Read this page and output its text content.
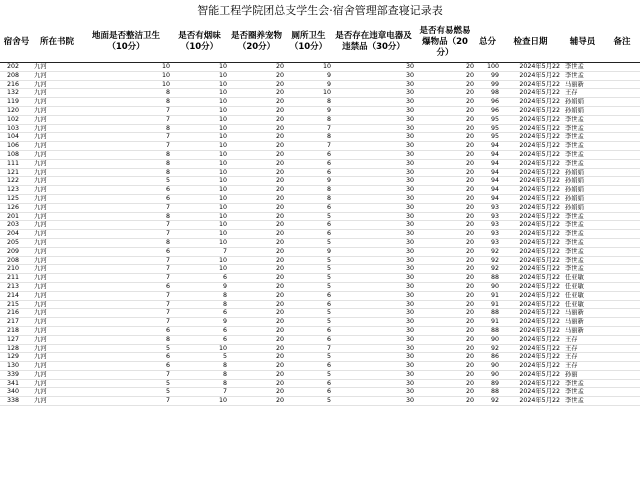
智能工程学院团总支学生会·宿舍管理部查寝记录表
宿舍号	所在书院	地面是否整洁卫生（10分）	是否有烟味（10分）	是否圈养宠物（20分）	厕所卫生（10分）	是否存在违章电器及违禁品（30分）	是否有易燃易爆物品（20分）	总分	检查日期	辅导员	备注
202	九河	10	10	20	10	30	20	100	2024年5月22	李世孟	
208	九河	10	10	20	9	30	20	99	2024年5月22	李世孟	
216	九河	10	10	20	9	30	20	99	2024年5月22	马丽新	
132	九河	8	10	20	10	30	20	98	2024年5月22	王存	
119	九河	8	10	20	8	30	20	96	2024年5月22	孙娟娟	
120	九河	7	10	20	9	30	20	96	2024年5月22	孙娟娟	
102	九河	7	10	20	8	30	20	95	2024年5月22	李世孟	
103	九河	8	10	20	7	30	20	95	2024年5月22	李世孟	
104	九河	7	10	20	8	30	20	95	2024年5月22	李世孟	
106	九河	7	10	20	7	30	20	94	2024年5月22	李世孟	
108	九河	8	10	20	6	30	20	94	2024年5月22	李世孟	
111	九河	8	10	20	6	30	20	94	2024年5月22	李世孟	
121	九河	8	10	20	6	30	20	94	2024年5月22	孙娟娟	
122	九河	5	10	20	9	30	20	94	2024年5月22	孙娟娟	
123	九河	6	10	20	8	30	20	94	2024年5月22	孙娟娟	
125	九河	6	10	20	8	30	20	94	2024年5月22	孙娟娟	
126	九河	7	10	20	6	30	20	93	2024年5月22	孙娟娟	
201	九河	8	10	20	5	30	20	93	2024年5月22	李世孟	
203	九河	7	10	20	6	30	20	93	2024年5月22	李世孟	
204	九河	7	10	20	6	30	20	93	2024年5月22	李世孟	
205	九河	8	10	20	5	30	20	93	2024年5月22	李世孟	
209	九河	6	7	20	9	30	20	92	2024年5月22	李世孟	
208	九河	7	10	20	5	30	20	92	2024年5月22	李世孟	
210	九河	7	10	20	5	30	20	92	2024年5月22	李世孟	
211	九河	7	6	20	5	30	20	88	2024年5月22	任亚敏	
213	九河	6	9	20	5	30	20	90	2024年5月22	任亚敏	
214	九河	7	8	20	6	30	20	91	2024年5月22	任亚敏	
215	九河	7	8	20	6	30	20	91	2024年5月22	任亚敏	
216	九河	7	6	20	5	30	20	88	2024年5月22	马丽新	
217	九河	7	9	20	5	30	20	91	2024年5月22	马丽新	
218	九河	6	6	20	6	30	20	88	2024年5月22	马丽新	
127	九河	8	6	20	6	30	20	90	2024年5月22	王存	
128	九河	5	10	20	7	30	20	92	2024年5月22	王存	
129	九河	6	5	20	5	30	20	86	2024年5月22	王存	
130	九河	6	8	20	6	30	20	90	2024年5月22	王存	
339	九河	7	8	20	5	30	20	90	2024年5月22	孙丽	
341	九河	5	8	20	6	30	20	89	2024年5月22	李世孟	
340	九河	5	7	20	6	30	20	88	2024年5月22	李世孟	
338	九河	7	10	20	5	30	20	92	2024年5月22	李世孟	
